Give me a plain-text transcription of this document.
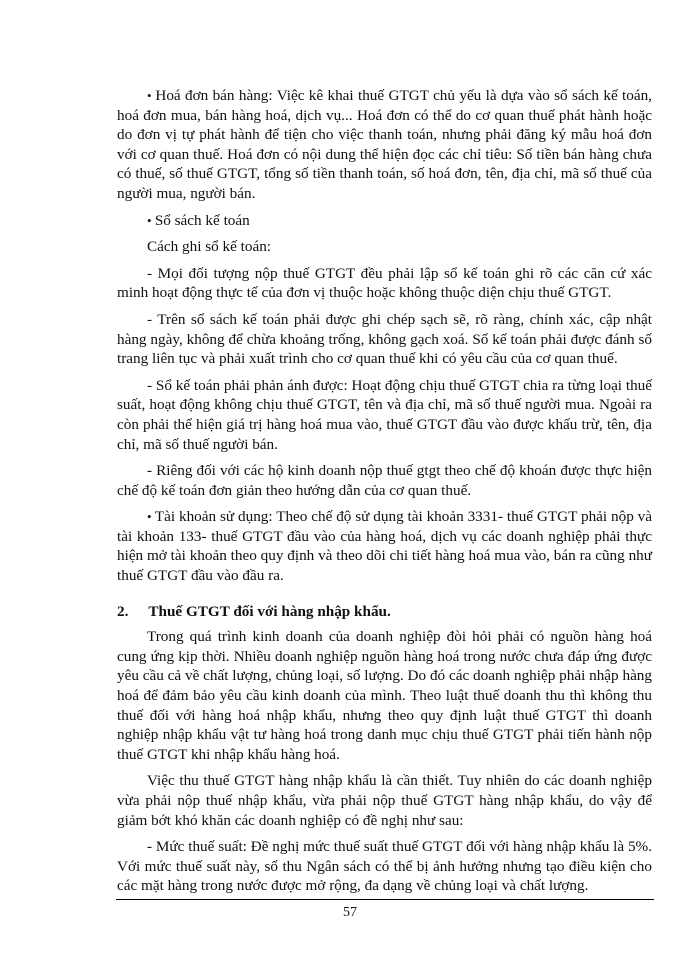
• Hoá đơn bán hàng: Việc kê khai thuế GTGT chủ yếu là dựa vào sổ sách kế toán, hoá đơn mua, bán hàng hoá, dịch vụ... Hoá đơn có thể do cơ quan thuế phát hành hoặc do đơn vị tự phát hành để tiện cho việc thanh toán, nhưng phải đăng ký mẫu hoá đơn với cơ quan thuế. Hoá đơn có nội dung thể hiện đọc các chỉ tiêu: Số tiền bán hàng chưa có thuế, số thuế GTGT, tổng số tiền thanh toán, số hoá đơn, tên, địa chỉ, mã số thuế của người mua, người bán.

• Sổ sách kế toán

Cách ghi sổ kế toán:

- Mọi đối tượng nộp thuế GTGT đều phải lập sổ kế toán ghi rõ các căn cứ xác minh hoạt động thực tế của đơn vị thuộc hoặc không thuộc diện chịu thuế GTGT.

- Trên sổ sách kế toán phải được ghi chép sạch sẽ, rõ ràng, chính xác, cập nhật hàng ngày, không để chừa khoảng trống, không gạch xoá. Sổ kế toán phải được đánh số trang liên tục và phải xuất trình cho cơ quan thuế khi có yêu cầu của cơ quan thuế.

- Sổ kế toán phải phản ánh được: Hoạt động chịu thuế GTGT chia ra từng loại thuế suất, hoạt động không chịu thuế GTGT, tên và địa chỉ, mã số thuế người mua. Ngoài ra còn phải thể hiện giá trị hàng hoá mua vào, thuế GTGT đầu vào được khấu trừ, tên, địa chỉ, mã số thuế người bán.

- Riêng đối với các hộ kinh doanh nộp thuế gtgt theo chế độ khoán được thực hiện chế độ kế toán đơn giản theo hướng dẫn của cơ quan thuế.

• Tài khoản sử dụng: Theo chế độ sử dụng tài khoản 3331- thuế GTGT phải nộp và tài khoản 133- thuế GTGT đầu vào của hàng hoá, dịch vụ các doanh nghiệp phải thực hiện mở tài khoản theo quy định và theo dõi chi tiết hàng hoá mua vào, bán ra cũng như thuế GTGT đầu vào đầu ra.

2. Thuế GTGT đối với hàng nhập khẩu.

Trong quá trình kinh doanh của doanh nghiệp đòi hỏi phải có nguồn hàng hoá cung ứng kịp thời. Nhiều doanh nghiệp nguồn hàng hoá trong nước chưa đáp ứng được yêu cầu cả về chất lượng, chủng loại, số lượng. Do đó các doanh nghiệp phải nhập hàng hoá để đảm bảo yêu cầu kinh doanh của mình. Theo luật thuế doanh thu thì không thu thuế đối với hàng hoá nhập khẩu, nhưng theo quy định luật thuế GTGT thì doanh nghiệp nhập khẩu vật tư hàng hoá trong danh mục chịu thuế GTGT phải tiến hành nộp thuế GTGT khi nhập khẩu hàng hoá.

Việc thu thuế GTGT hàng nhập khẩu là cần thiết. Tuy nhiên do các doanh nghiệp vừa phải nộp thuế nhập khẩu, vừa phải nộp thuế GTGT hàng nhập khẩu, do vậy để giảm bớt khó khăn các doanh nghiệp có đề nghị như sau:

- Mức thuế suất: Đề nghị mức thuế suất thuế GTGT đối với hàng nhập khẩu là 5%. Với mức thuế suất này, số thu Ngân sách có thể bị ảnh hưởng nhưng tạo điều kiện cho các mặt hàng trong nước được mở rộng, đa dạng về chủng loại và chất lượng.

57
